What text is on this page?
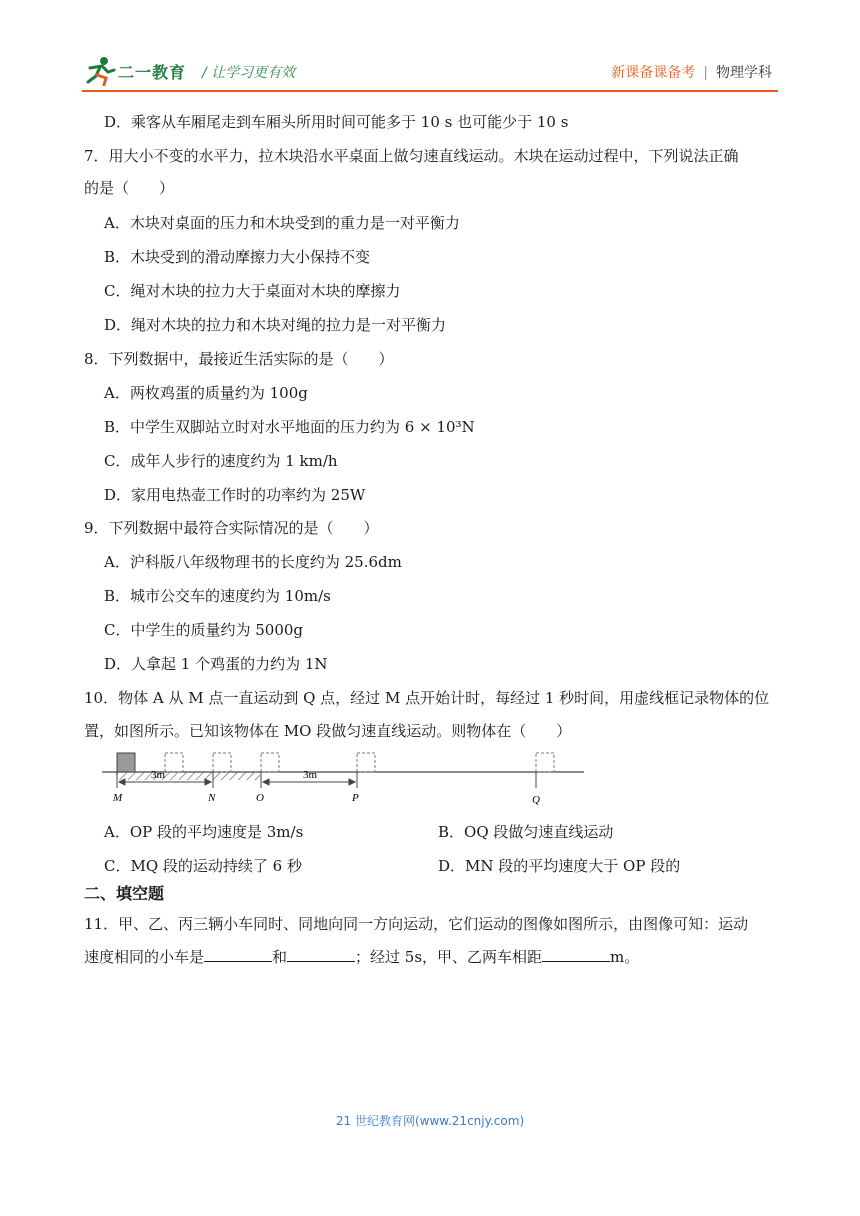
二一教育 / 让学习更有效	新课备课备考 | 物理学科
D．乘客从车厢尾走到车厢头所用时间可能多于 10 s 也可能少于 10 s
7．用大小不变的水平力，拉木块沿水平桌面上做匀速直线运动。木块在运动过程中，下列说法正确
的是（　　）
A．木块对桌面的压力和木块受到的重力是一对平衡力
B．木块受到的滑动摩擦力大小保持不变
C．绳对木块的拉力大于桌面对木块的摩擦力
D．绳对木块的拉力和木块对绳的拉力是一对平衡力
8．下列数据中，最接近生活实际的是（　　）
A．两枚鸡蛋的质量约为 100g
B．中学生双脚站立时对水平地面的压力约为 6 × 10³N
C．成年人步行的速度约为 1 km/h
D．家用电热壶工作时的功率约为 25W
9．下列数据中最符合实际情况的是（　　）
A．沪科版八年级物理书的长度约为 25.6dm
B．城市公交车的速度约为 10m/s
C．中学生的质量约为 5000g
D．人拿起 1 个鸡蛋的力约为 1N
10．物体 A 从 M 点一直运动到 Q 点，经过 M 点开始计时，每经过 1 秒时间，用虚线框记录物体的位
置，如图所示。已知该物体在 MO 段做匀速直线运动。则物体在（　　）
3m	3m
M	N	O	P	Q
A．OP 段的平均速度是 3m/s	B．OQ 段做匀速直线运动
C．MQ 段的运动持续了 6 秒	D．MN 段的平均速度大于 OP 段的
二、填空题
11．甲、乙、丙三辆小车同时、同地向同一方向运动，它们运动的图像如图所示，由图像可知：运动
速度相同的小车是	和	；经过 5s，甲、乙两车相距	m。
21 世纪教育网(www.21cnjy.com)
